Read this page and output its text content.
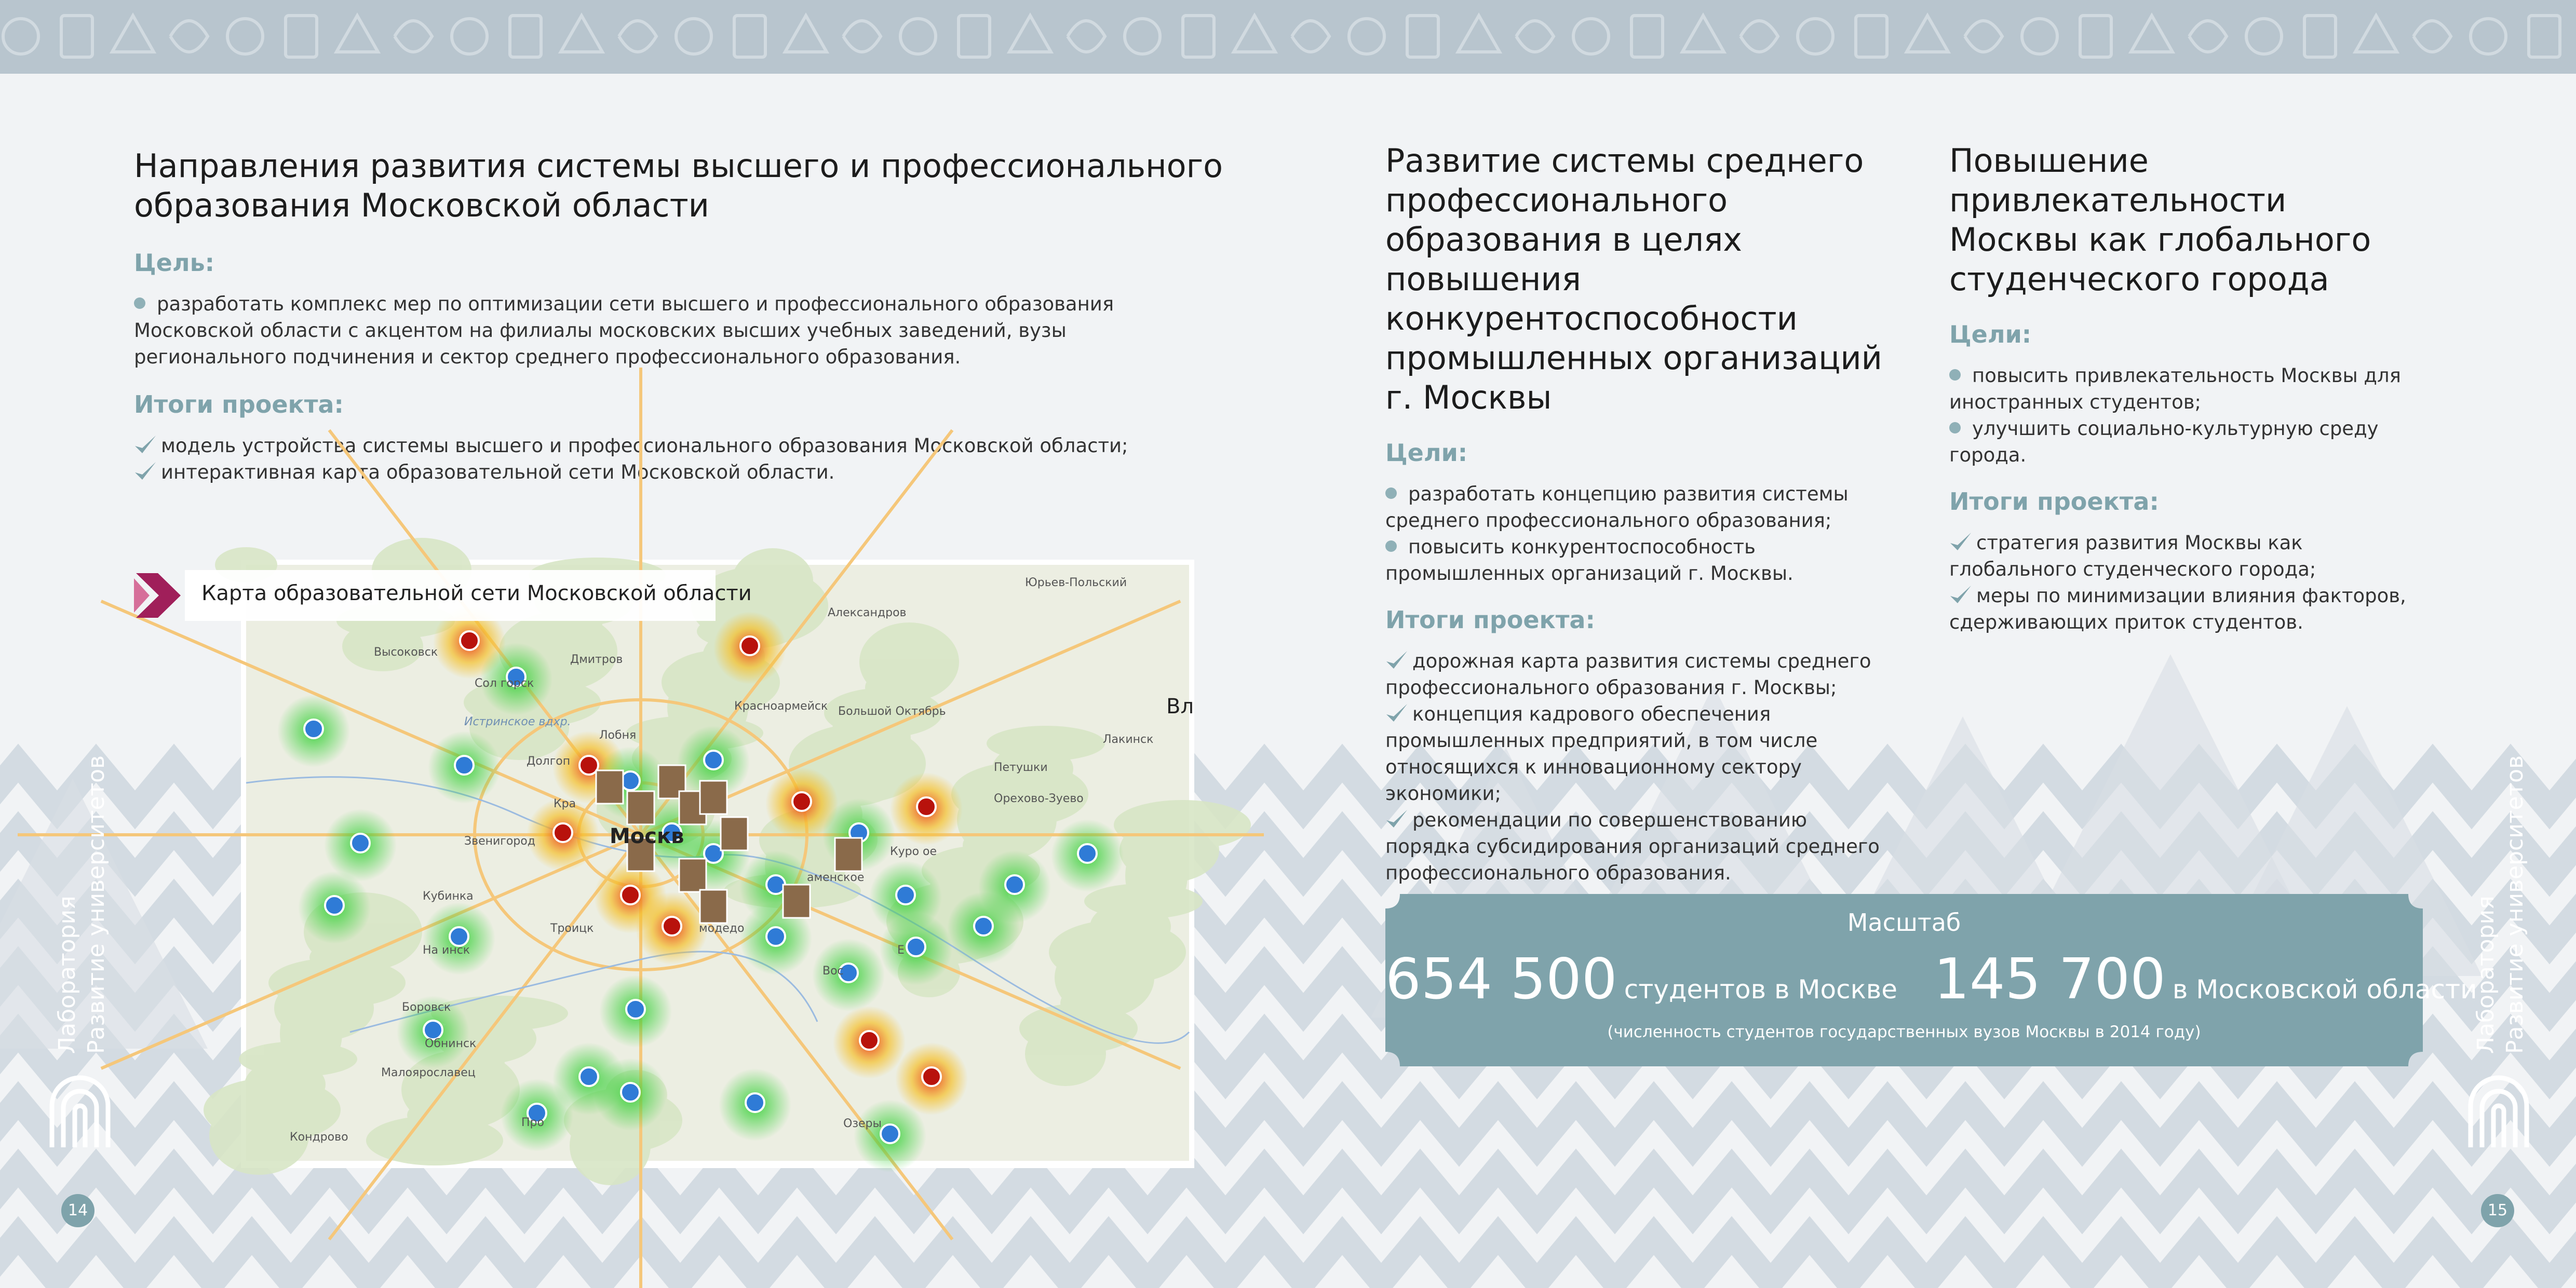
Направления развития системы высшего и профессионального
образования Московской области
Цель:
разработать комплекс мер по оптимизации сети высшего и профессионального образования
Московской области с акцентом на филиалы московских высших учебных заведений, вузы
регионального подчинения и сектор среднего профессионального образования.
Итоги проекта:
модель устройства системы высшего и профессионального образования Московской области;
интерактивная карта образовательной сети Московской области.
Москв
Александров
Юрьев-Польский
Высоковск
Сол горск
Красноармейск Большой Октябрь
Орехово-Зуево
Петушки
Лакинск
Вл
Звенигород
Кубинка
Обнинск
Боровск
Малоярославец
Кондрово
Озеры
Долгоп
Лобня
Кра
Троицк	модедо
аменское
Куро ое
На инск
Вос
Е
Про
Дмитров
Истринское вдхр.
Карта образовательной сети Московской области
Развитие системы среднего
профессионального
образования в целях повышения
конкурентоспособности
промышленных организаций
г. Москвы
Цели:
разработать концепцию развития системы
среднего профессионального образования;
повысить конкурентоспособность
промышленных организаций г. Москвы.
Итоги проекта:
дорожная карта развития системы среднего
профессионального образования г. Москвы;
концепция кадрового обеспечения
промышленных предприятий, в том числе
относящихся к инновационному сектору
экономики;
рекомендации по совершенствованию
порядка субсидирования организаций среднего
профессионального образования.
Повышение
привлекательности
Москвы как глобального
студенческого города
Цели:
повысить привлекательность Москвы для
иностранных студентов;
улучшить социально-культурную среду
города.
Итоги проекта:
стратегия развития Москвы как
глобального студенческого города;
меры по минимизации влияния факторов,
сдерживающих приток студентов.
Масштаб
654 500 студентов в Москве 145 700 в Московской области
(численность студентов государственных вузов Москвы в 2014 году)
Лаборатория Развитие университетов	Лаборатория Развитие университетов
14	15
